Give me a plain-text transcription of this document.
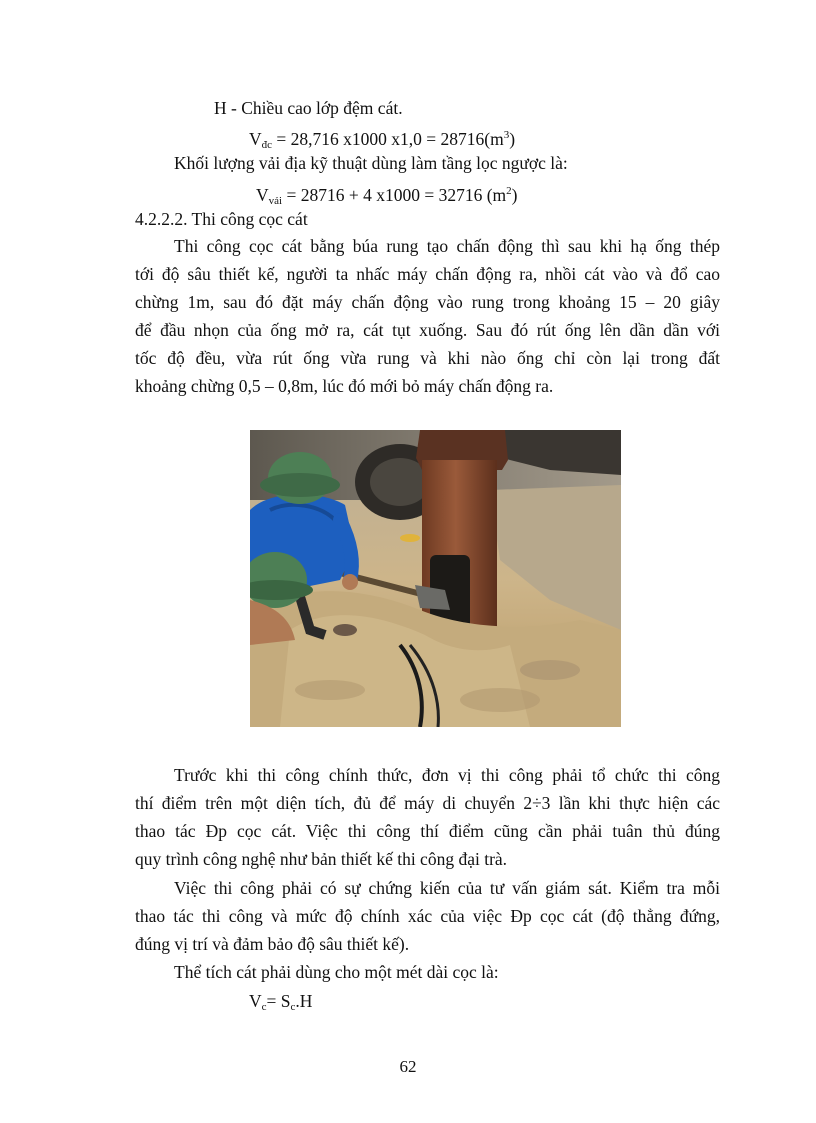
H - Chiều cao lớp đệm cát.
$V_{đc} = 28,716$ x1000 $x1,0 = 28716(m^3)$
Khối lượng vải địa kỹ thuật dùng làm tầng lọc ngược là:
$V_{vải} = 28716 + 4$ x1000 = 32716 $(m^2)$
4.2.2.2. Thi công cọc cát
Thi công cọc cát bằng búa rung tạo chấn động thì sau khi hạ ống thép
tới độ sâu thiết kế, người ta nhấc máy chấn động ra, nhồi cát vào và đổ cao
chừng 1m, sau đó đặt máy chấn động vào rung trong khoảng 15 – 20 giây
để đầu nhọn của ống mở ra, cát tụt xuống. Sau đó rút ống lên dần dần với
tốc độ đều, vừa rút ống vừa rung và khi nào ống chỉ còn lại trong đất
khoảng chừng 0,5 – 0,8m, lúc đó mới bỏ máy chấn động ra.
Trước khi thi công chính thức, đơn vị thi công phải tổ chức thi công
thí điểm trên một diện tích, đủ để máy di chuyển 2÷3 lần khi thực hiện các
thao tác Đp cọc cát. Việc thi công thí điểm cũng cần phải tuân thủ đúng
quy trình công nghệ như bản thiết kế thi công đại trà.
Việc thi công phải có sự chứng kiến của tư vấn giám sát. Kiểm tra mỗi
thao tác thi công và mức độ chính xác của việc Đp cọc cát (độ thẳng đứng,
đúng vị trí và đảm bảo độ sâu thiết kế).
Thể tích cát phải dùng cho một mét dài cọc là:
$V_c= S_c.H$
62
